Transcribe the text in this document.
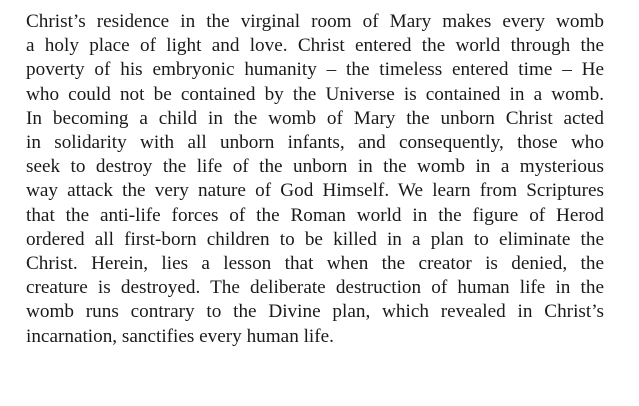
Christ’s residence in the virginal room of Mary makes every womb
a holy place of light and love. Christ entered the world through the
poverty of his embryonic humanity – the timeless entered time – He
who could not be contained by the Universe is contained in a womb.
In becoming a child in the womb of Mary the unborn Christ acted
in solidarity with all unborn infants, and consequently, those who
seek to destroy the life of the unborn in the womb in a mysterious
way attack the very nature of God Himself. We learn from Scriptures
that the anti-life forces of the Roman world in the figure of Herod
ordered all first-born children to be killed in a plan to eliminate the
Christ. Herein, lies a lesson that when the creator is denied, the
creature is destroyed. The deliberate destruction of human life in the
womb runs contrary to the Divine plan, which revealed in Christ’s
incarnation, sanctifies every human life.
